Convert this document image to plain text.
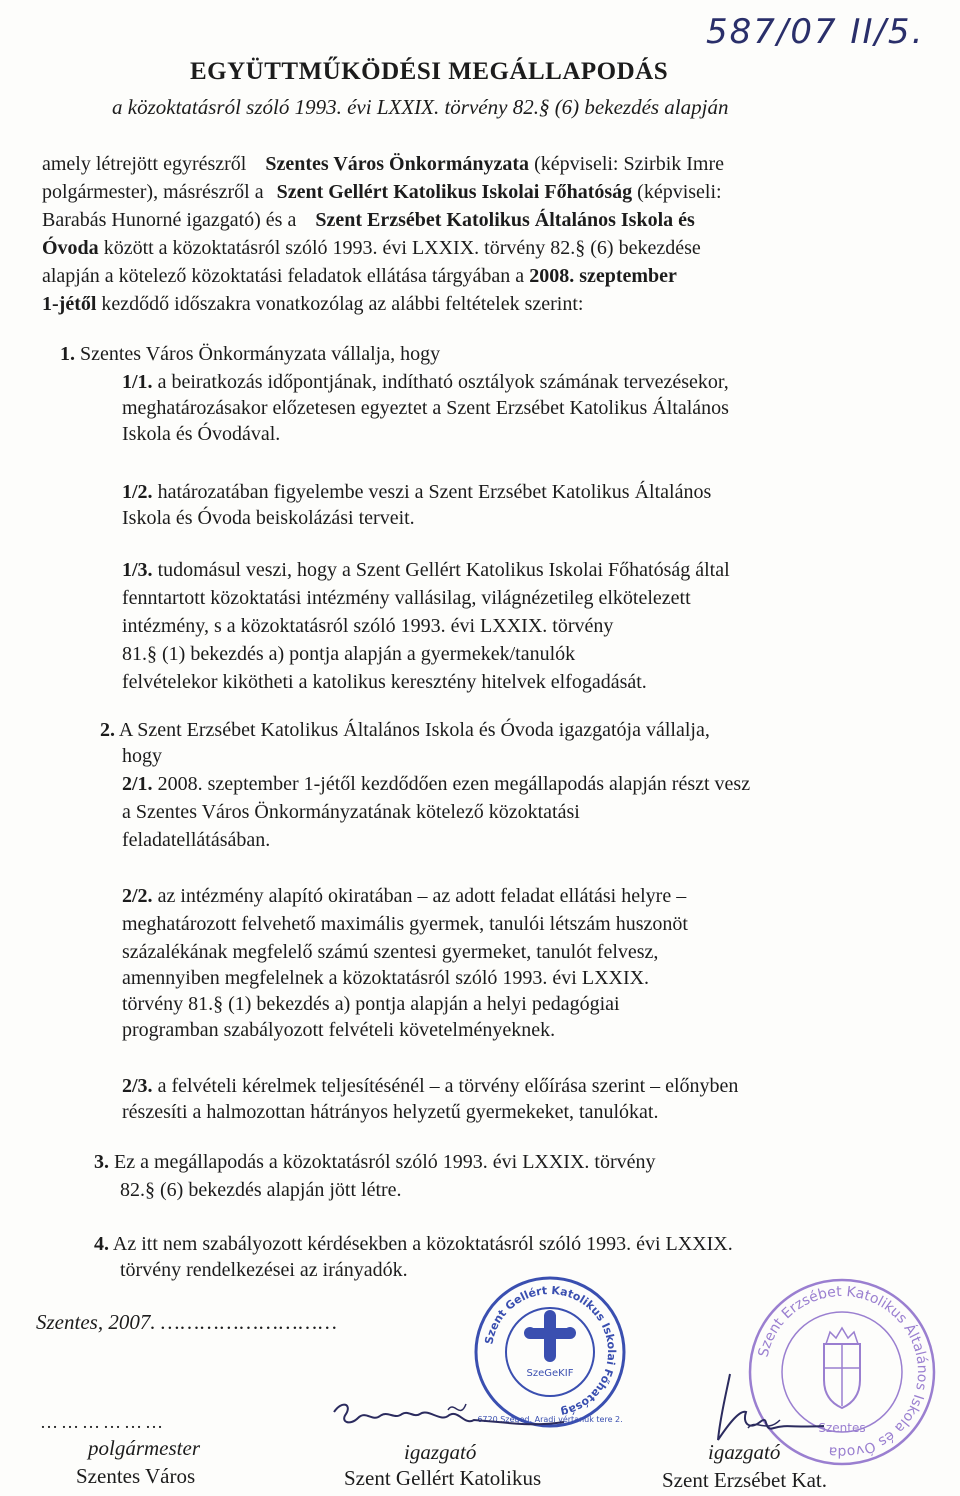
587/07 II/5.
EGYÜTTMŰKÖDÉSI MEGÁLLAPODÁS
a közoktatásról szóló 1993. évi LXXIX. törvény 82.§ (6) bekezdés alapján
amely létrejött egyrészről Szentes Város Önkormányzata (képviseli: Szirbik Imre
polgármester), másrészről a Szent Gellért Katolikus Iskolai Főhatóság (képviseli:
Barabás Hunorné igazgató) és a Szent Erzsébet Katolikus Általános Iskola és
Óvoda között a közoktatásról szóló 1993. évi LXXIX. törvény 82.§ (6) bekezdése
alapján a kötelező közoktatási feladatok ellátása tárgyában a 2008. szeptember
1-jétől kezdődő időszakra vonatkozólag az alábbi feltételek szerint:
1. Szentes Város Önkormányzata vállalja, hogy
1/1. a beiratkozás időpontjának, indítható osztályok számának tervezésekor,
meghatározásakor előzetesen egyeztet a Szent Erzsébet Katolikus Általános
Iskola és Óvodával.
1/2. határozatában figyelembe veszi a Szent Erzsébet Katolikus Általános
Iskola és Óvoda beiskolázási terveit.
1/3. tudomásul veszi, hogy a Szent Gellért Katolikus Iskolai Főhatóság által
fenntartott közoktatási intézmény vallásilag, világnézetileg elkötelezett
intézmény, s a közoktatásról szóló 1993. évi LXXIX. törvény
81.§ (1) bekezdés a) pontja alapján a gyermekek/tanulók
felvételekor kikötheti a katolikus keresztény hitelvek elfogadását.
2. A Szent Erzsébet Katolikus Általános Iskola és Óvoda igazgatója vállalja,
hogy
2/1. 2008. szeptember 1-jétől kezdődően ezen megállapodás alapján részt vesz
a Szentes Város Önkormányzatának kötelező közoktatási
feladatellátásában.
2/2. az intézmény alapító okiratában – az adott feladat ellátási helyre –
meghatározott felvehető maximális gyermek, tanulói létszám huszonöt
százalékának megfelelő számú szentesi gyermeket, tanulót felvesz,
amennyiben megfelelnek a közoktatásról szóló 1993. évi LXXIX.
törvény 81.§ (1) bekezdés a) pontja alapján a helyi pedagógiai
programban szabályozott felvételi követelményeknek.
2/3. a felvételi kérelmek teljesítésénél – a törvény előírása szerint – előnyben
részesíti a halmozottan hátrányos helyzetű gyermekeket, tanulókat.
3. Ez a megállapodás a közoktatásról szóló 1993. évi LXXIX. törvény
82.§ (6) bekezdés alapján jött létre.
4. Az itt nem szabályozott kérdésekben a közoktatásról szóló 1993. évi LXXIX.
törvény rendelkezései az irányadók.
Szentes, 2007. ………………………
Szent Gellért Katolikus Iskolai Főhatóság
SzeGeKIF
6720 Szeged, Aradi vértanúk tere 2.
Szent Erzsébet Katolikus Általános Iskola és Óvoda
Szentes
………………
polgármester
Szentes Város
igazgató
Szent Gellért Katolikus
igazgató
Szent Erzsébet Kat.
